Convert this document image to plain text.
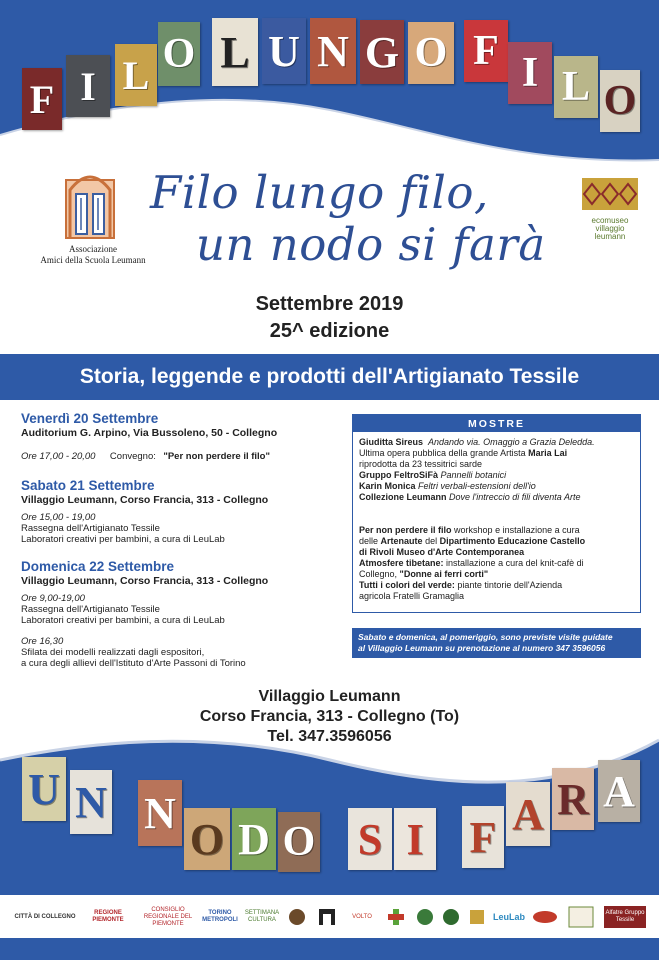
F I L O L U N G O F I L O
Associazione
Amici della Scuola Leumann
Filo lungo filo,
un nodo si farà	ecomuseo
villaggio
leumann
Settembre 2019
25^ edizione
Storia, leggende e prodotti dell'Artigianato Tessile
Venerdì 20 Settembre
Auditorium G. Arpino, Via Bussoleno, 50 - Collegno
Ore 17,00 - 20,00 Convegno: "Per non perdere il filo"
Sabato 21 Settembre
Villaggio Leumann, Corso Francia, 313 - Collegno
Ore 15,00 - 19,00
Rassegna dell'Artigianato Tessile
Laboratori creativi per bambini, a cura di LeuLab
Domenica 22 Settembre
Villaggio Leumann, Corso Francia, 313 - Collegno
Ore 9,00-19,00
Rassegna dell'Artigianato Tessile
Laboratori creativi per bambini, a cura di LeuLab
Ore 16,30
Sfilata dei modelli realizzati dagli espositori,
a cura degli allievi dell'Istituto d'Arte Passoni di Torino
MOSTRE
Giuditta Sireus Andando via. Omaggio a Grazia Deledda.
Ultima opera pubblica della grande Artista Maria Lai
riprodotta da 23 tessitrici sarde
Gruppo FeltroSiFà Pannelli botanici
Karin Monica Feltri verbali-estensioni dell'io
Collezione Leumann Dove l'intreccio di fili diventa Arte
Per non perdere il filo workshop e installazione a cura
delle Artenaute del Dipartimento Educazione Castello
di Rivoli Museo d'Arte Contemporanea
Atmosfere tibetane: installazione a cura del knit-cafè di
Collegno, "Donne ai ferri corti"
Tutti i colori del verde: piante tintorie dell'Azienda
agricola Fratelli Gramaglia
Sabato e domenica, al pomeriggio, sono previste visite guidate
al Villaggio Leumann su prenotazione al numero 347 3596056
Villaggio Leumann
Corso Francia, 313 - Collegno (To)
Tel. 347.3596056
U N N
O D O S I F A R A
CITTÀ DI COLLEGNO
REGIONE PIEMONTE
CONSIGLIO REGIONALE DEL PIEMONTE
TORINO METROPOLI
SETTIMANA CULTURA
VOLTO	LeuLab	Alfatre Gruppo Tessile
